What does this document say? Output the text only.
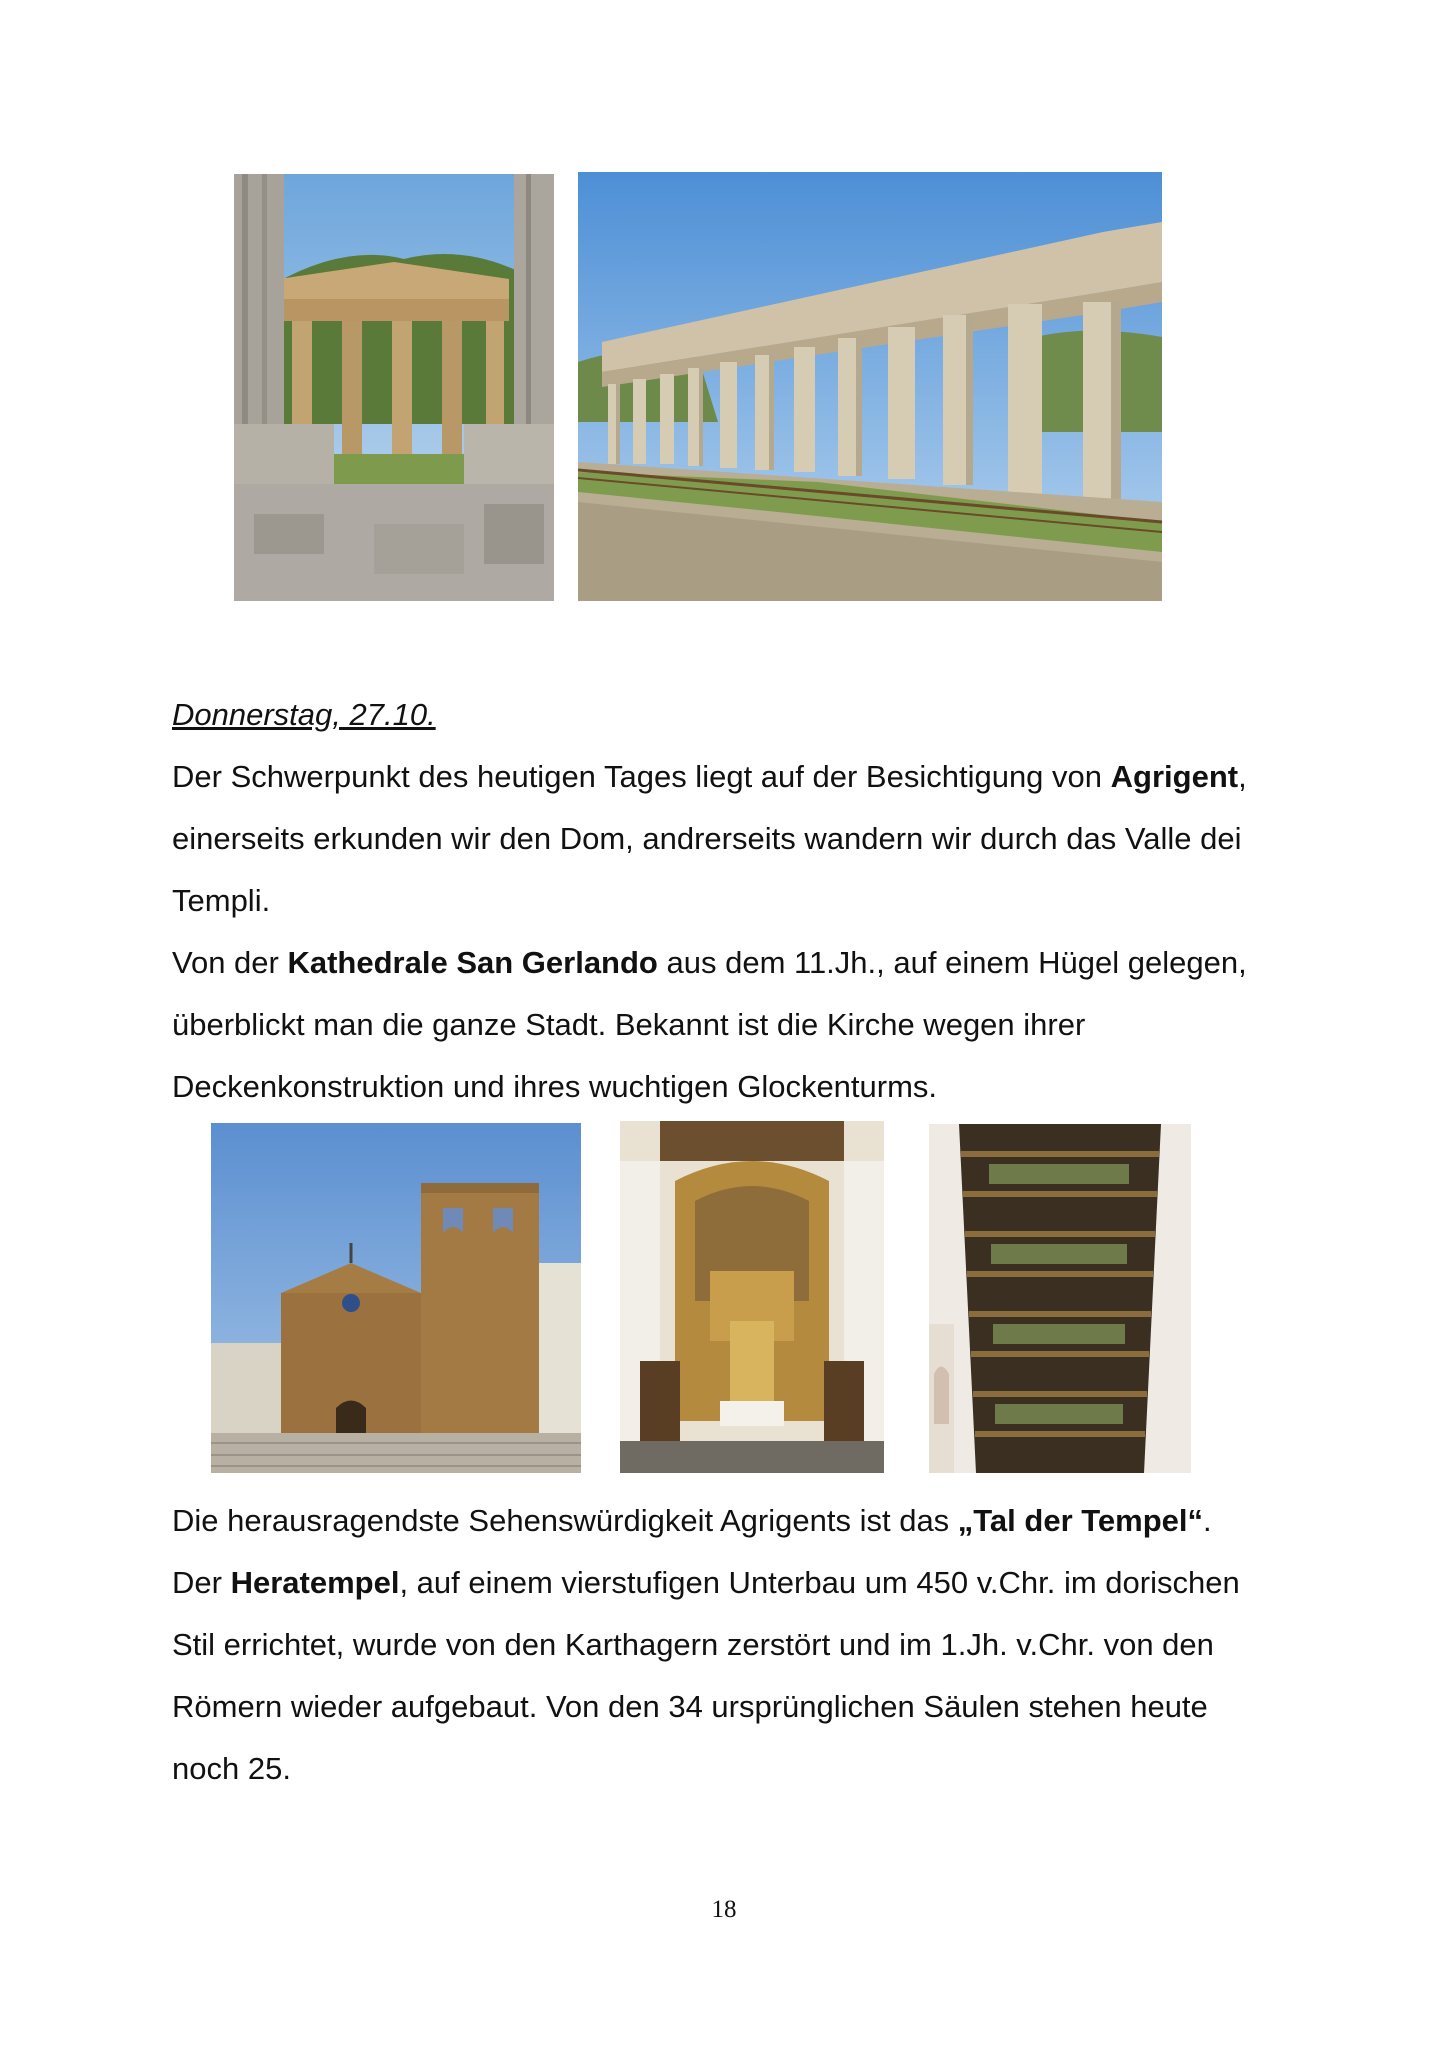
Donnerstag, 27.10.
Der Schwerpunkt des heutigen Tages liegt auf der Besichtigung von Agrigent,
einerseits erkunden wir den Dom, andrerseits wandern wir durch das Valle dei
Templi.
Von der Kathedrale San Gerlando aus dem 11.Jh., auf einem Hügel gelegen,
überblickt man die ganze Stadt. Bekannt ist die Kirche wegen ihrer
Deckenkonstruktion und ihres wuchtigen Glockenturms.
Die herausragendste Sehenswürdigkeit Agrigents ist das „Tal der Tempel“.
Der Heratempel, auf einem vierstufigen Unterbau um 450 v.Chr. im dorischen
Stil errichtet, wurde von den Karthagern zerstört und im 1.Jh. v.Chr. von den
Römern wieder aufgebaut. Von den 34 ursprünglichen Säulen stehen heute
noch 25.
18
